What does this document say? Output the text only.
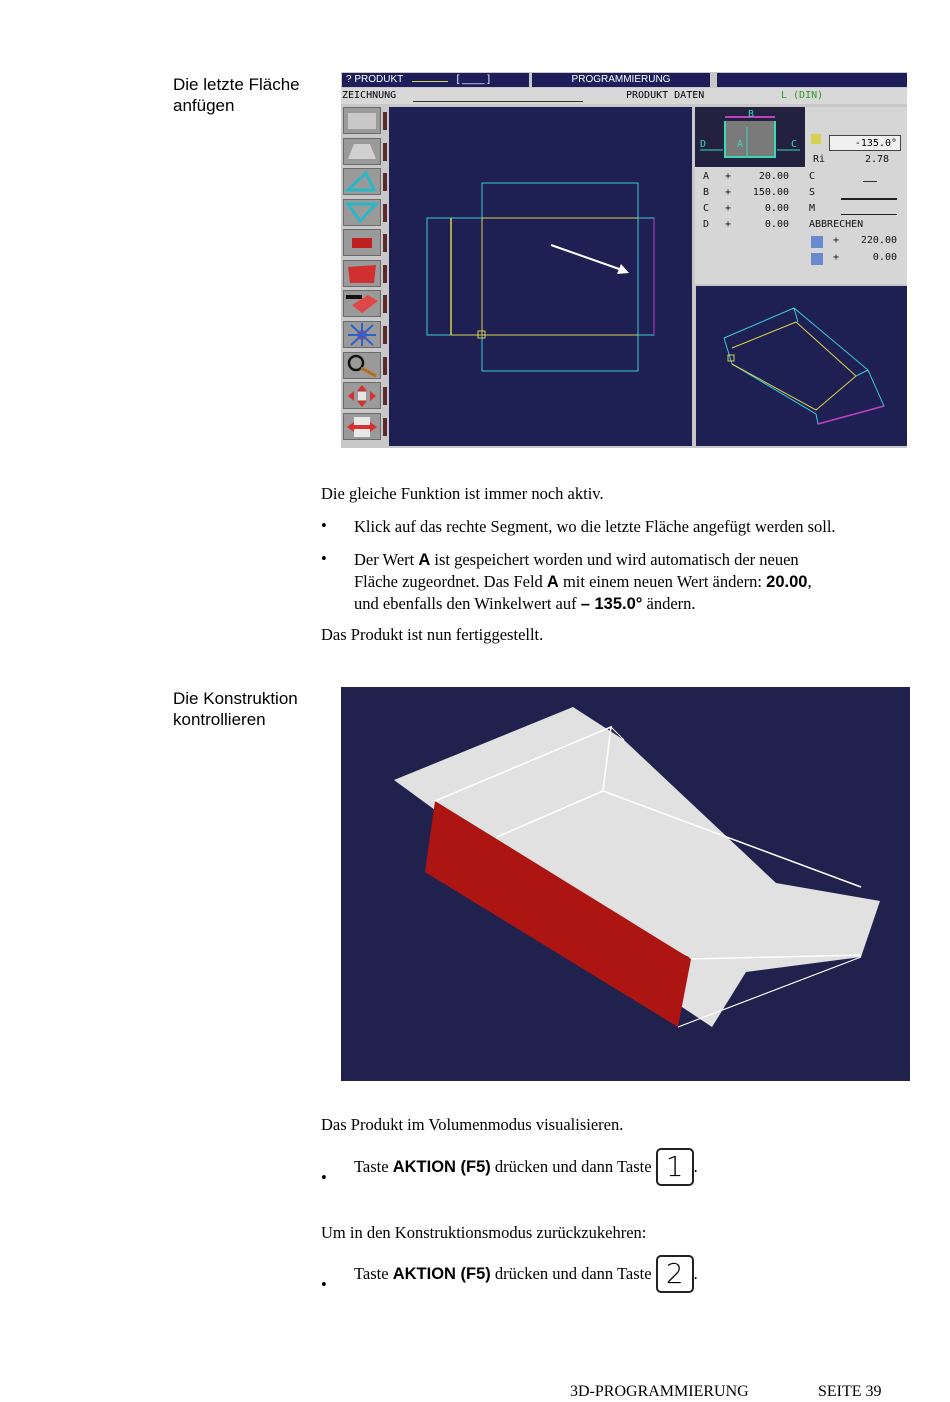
Die letzte Fläche
anfügen
? PRODUKT	[ ____ ]	PROGRAMMIERUNG
ZEICHNUNG	PRODUKT DATEN	L (DIN)
B
D	A	C	-135.0°
Ri	2.78
A +	20.00
B +	150.00
C +	0.00
D +	0.00
C
S
M
ABBRECHEN
+	220.00
+	0.00
Die gleiche Funktion ist immer noch aktiv.
• Klick auf das rechte Segment, wo die letzte Fläche angefügt werden soll.
• Der Wert A ist gespeichert worden und wird automatisch der neuen
Fläche zugeordnet. Das Feld A mit einem neuen Wert ändern: 20.00,
und ebenfalls den Winkelwert auf – 135.0° ändern.
Das Produkt ist nun fertiggestellt.
Die Konstruktion
kontrollieren
Das Produkt im Volumenmodus visualisieren.
•
Taste AKTION (F5) drücken und dann Taste 1 .
Um in den Konstruktionsmodus zurückzukehren:
•
Taste AKTION (F5) drücken und dann Taste 2 .
3D-PROGRAMMIERUNG	SEITE 39
